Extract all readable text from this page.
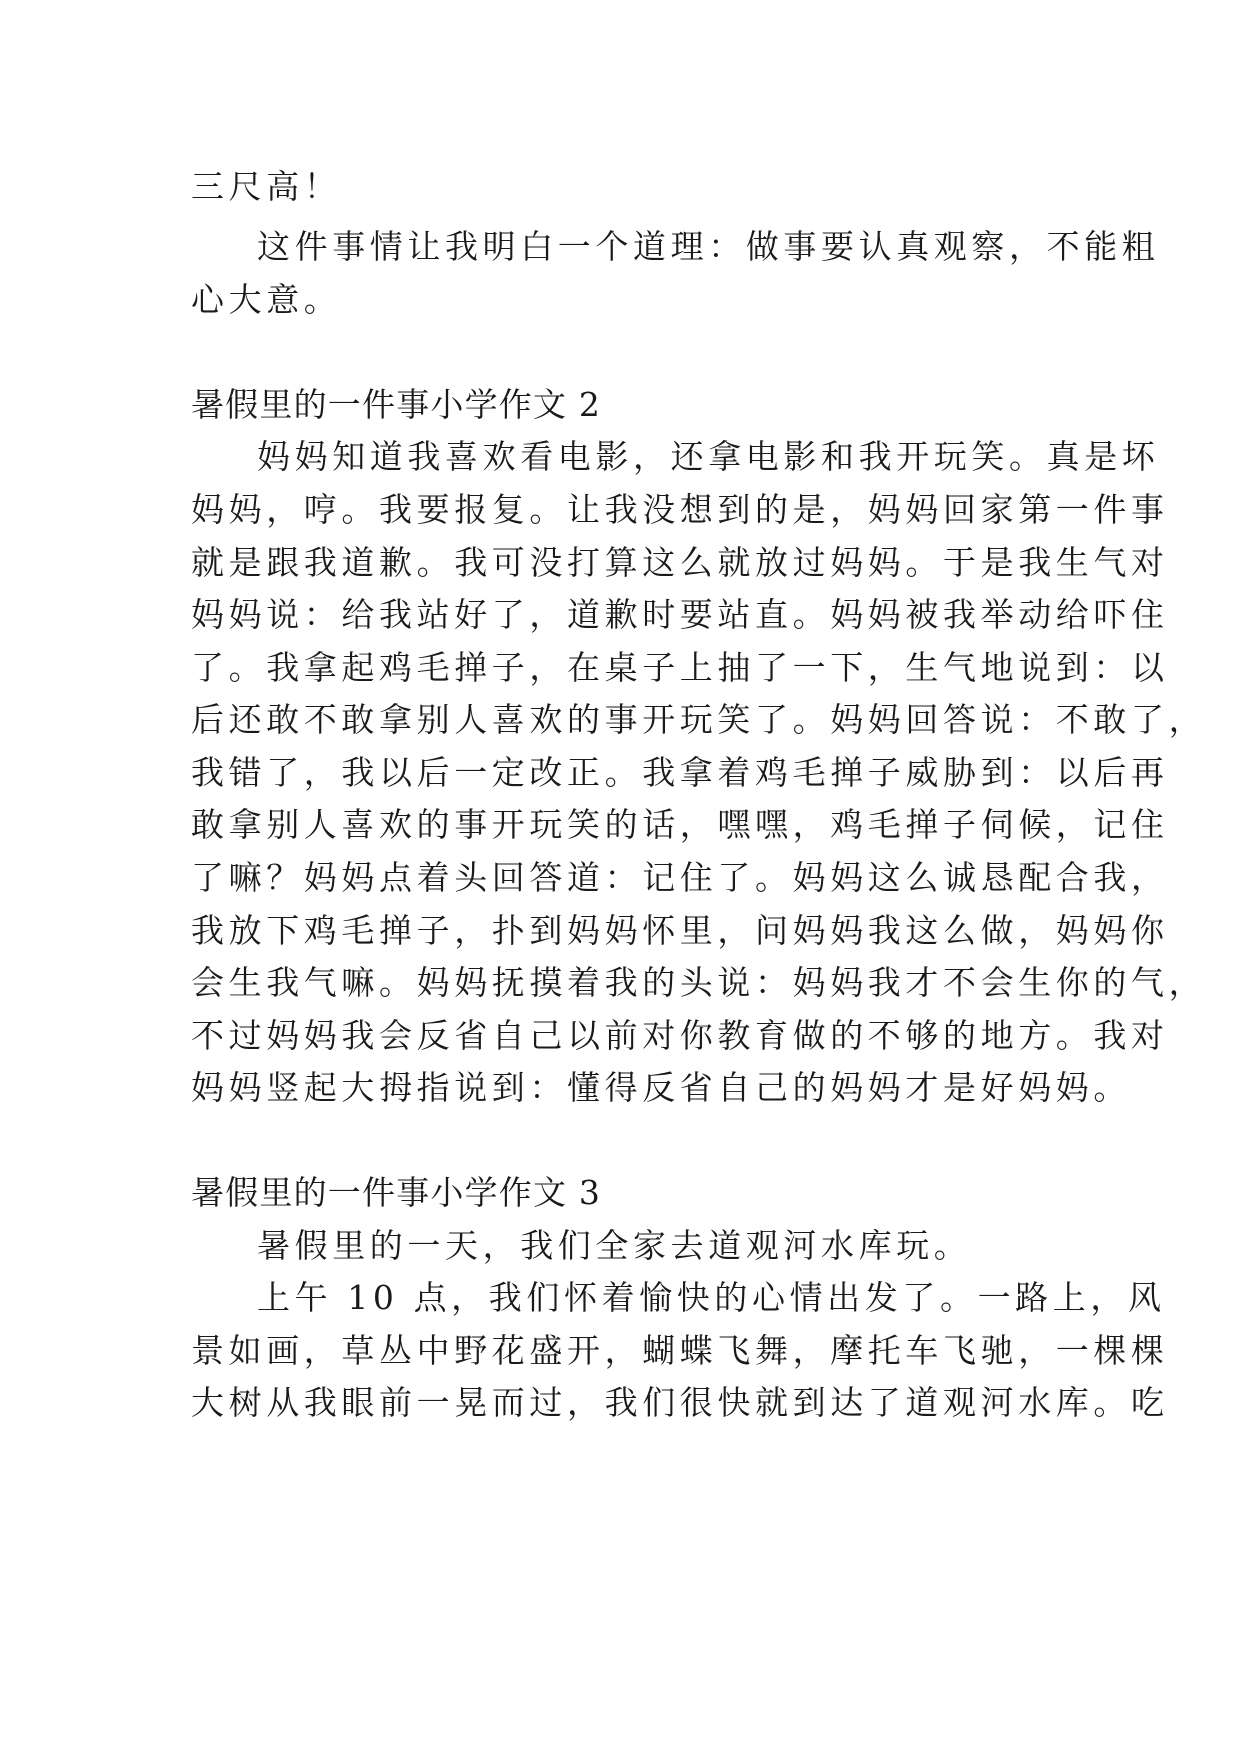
三尺高！
这件事情让我明白一个道理：做事要认真观察，不能粗
心大意。
暑假里的一件事小学作文 2
妈妈知道我喜欢看电影，还拿电影和我开玩笑。真是坏
妈妈，哼。我要报复。让我没想到的是，妈妈回家第一件事
就是跟我道歉。我可没打算这么就放过妈妈。于是我生气对
妈妈说：给我站好了，道歉时要站直。妈妈被我举动给吓住
了。我拿起鸡毛掸子，在桌子上抽了一下，生气地说到：以
后还敢不敢拿别人喜欢的事开玩笑了。妈妈回答说：不敢了，
我错了，我以后一定改正。我拿着鸡毛掸子威胁到：以后再
敢拿别人喜欢的事开玩笑的话，嘿嘿，鸡毛掸子伺候，记住
了嘛？妈妈点着头回答道：记住了。妈妈这么诚恳配合我，
我放下鸡毛掸子，扑到妈妈怀里，问妈妈我这么做，妈妈你
会生我气嘛。妈妈抚摸着我的头说：妈妈我才不会生你的气，
不过妈妈我会反省自己以前对你教育做的不够的地方。我对
妈妈竖起大拇指说到：懂得反省自己的妈妈才是好妈妈。
暑假里的一件事小学作文 3
暑假里的一天，我们全家去道观河水库玩。
上午 10 点，我们怀着愉快的心情出发了。一路上，风
景如画，草丛中野花盛开，蝴蝶飞舞，摩托车飞驰，一棵棵
大树从我眼前一晃而过，我们很快就到达了道观河水库。吃
